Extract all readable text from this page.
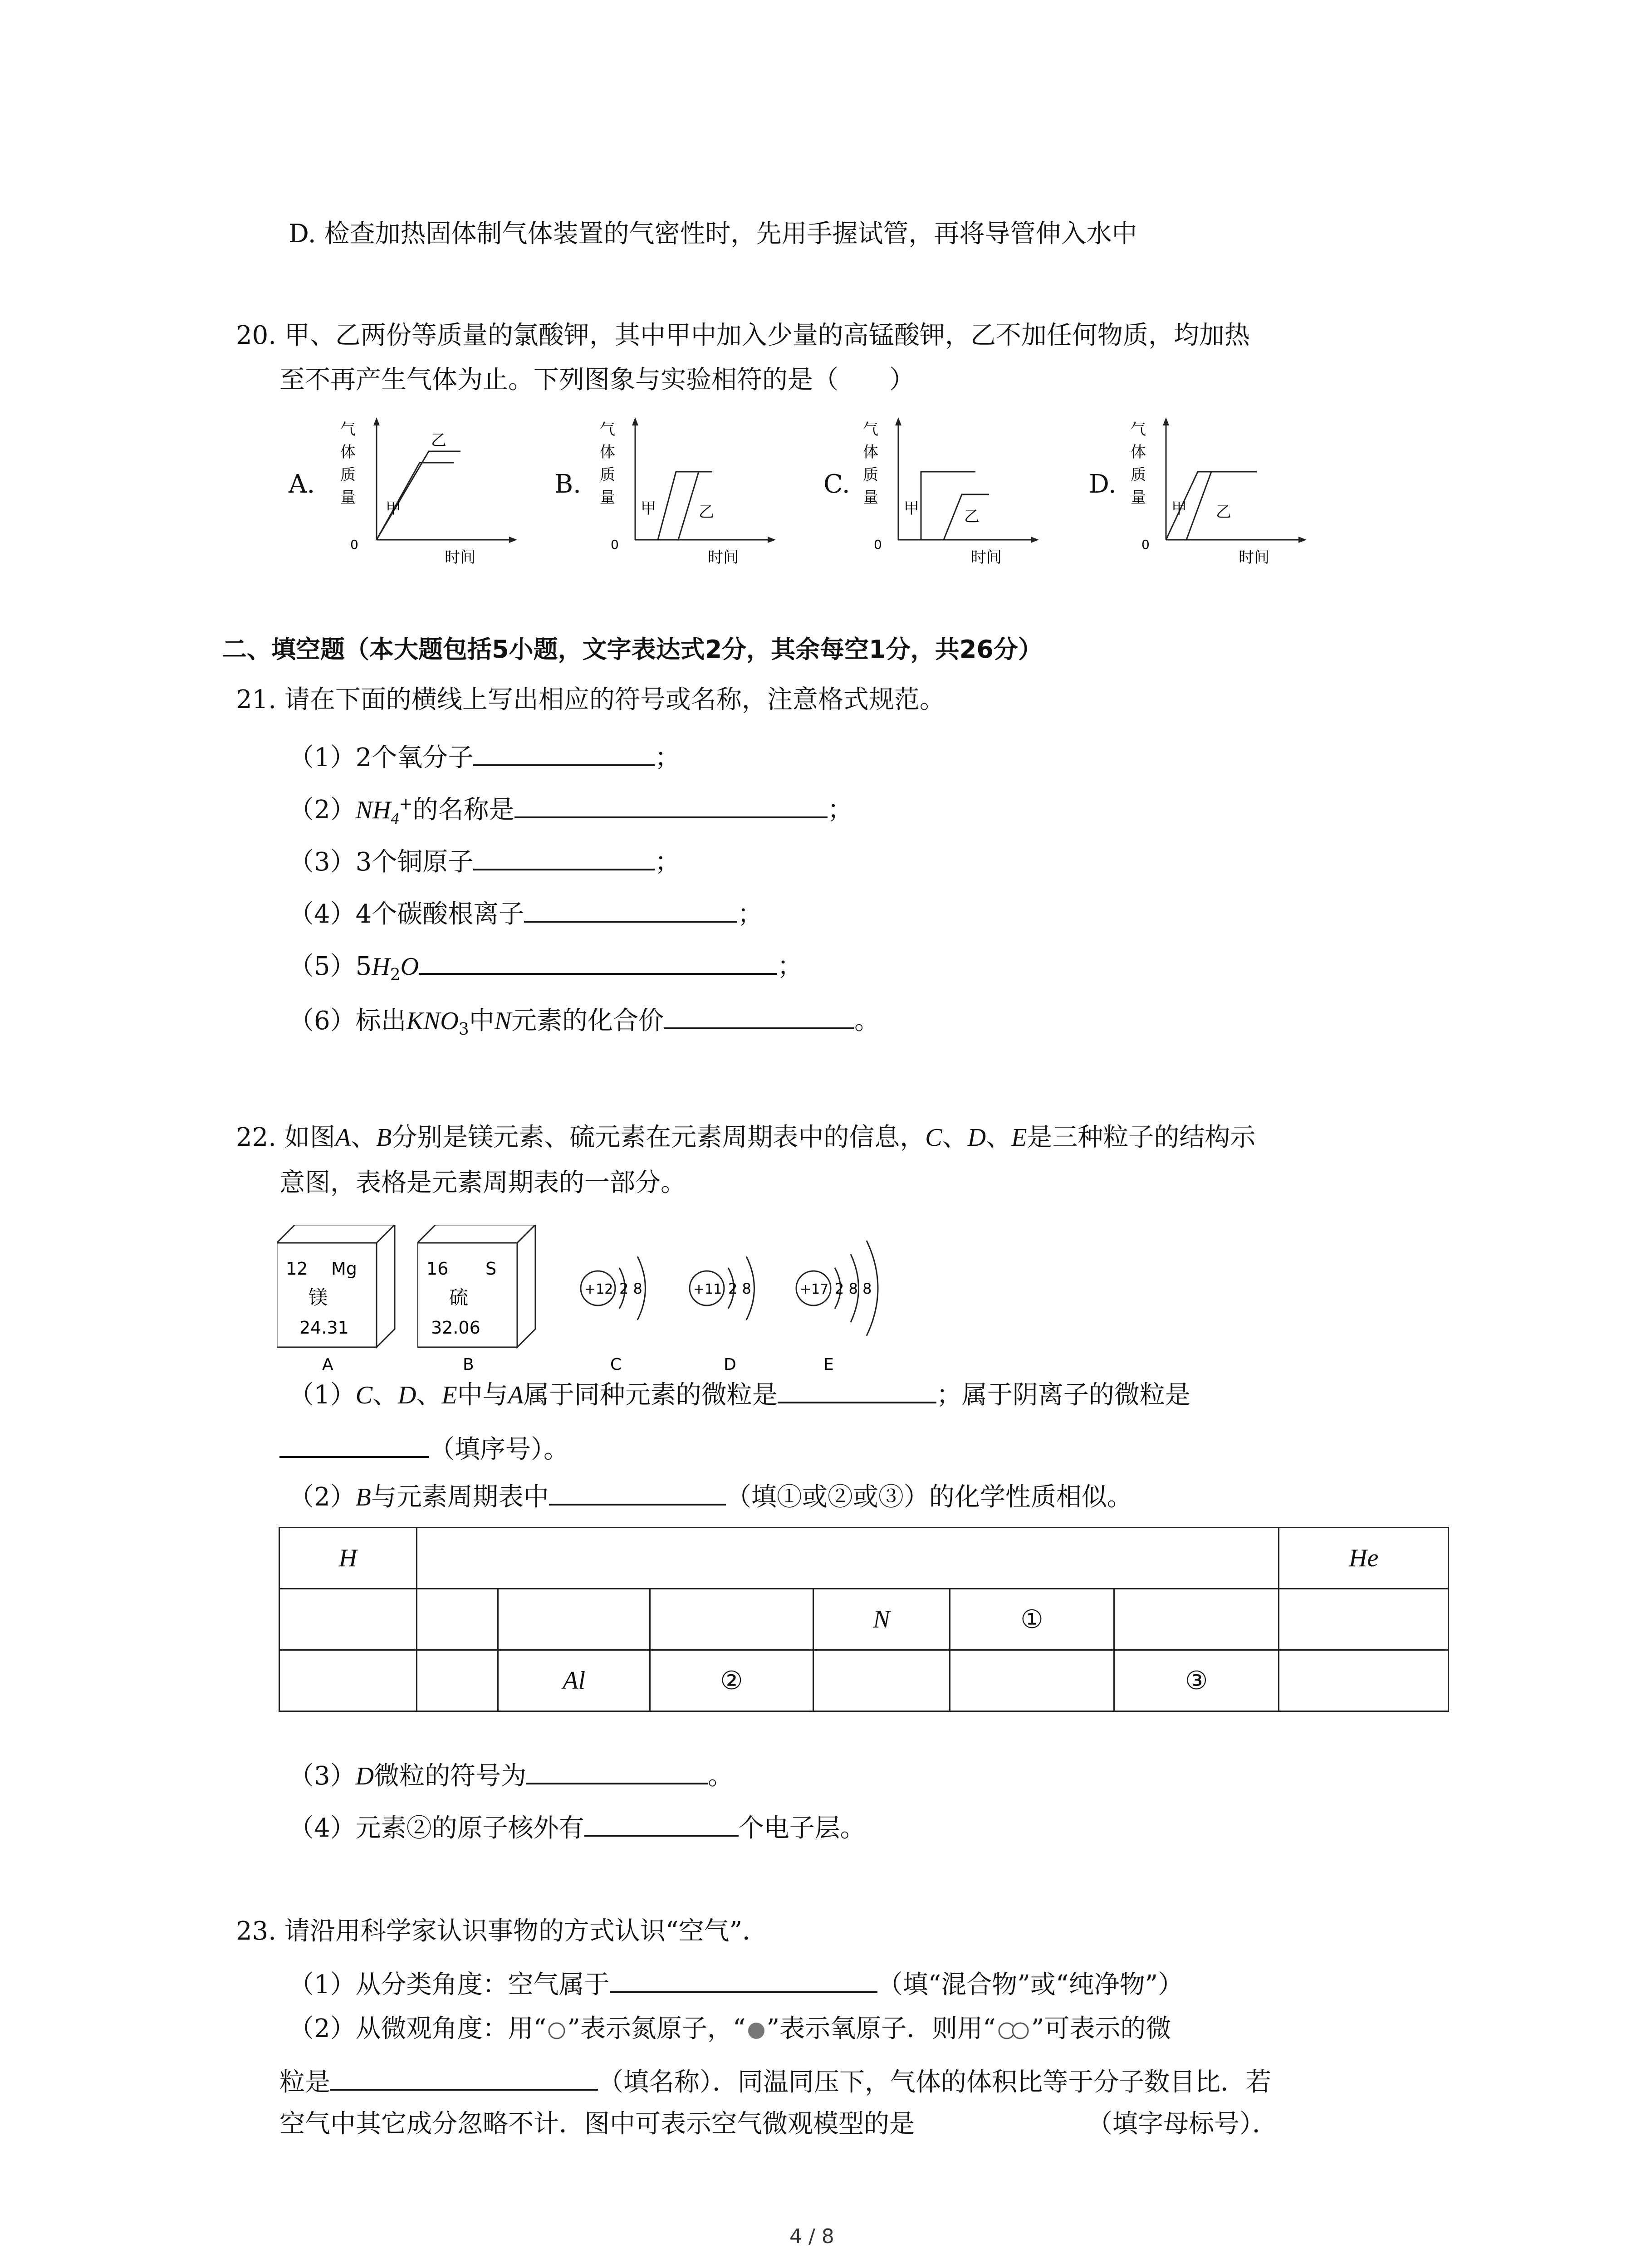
D. 检查加热固体制气体装置的气密性时，先用手握试管，再将导管伸入水中
20. 甲、乙两份等质量的氯酸钾，其中甲中加入少量的高锰酸钾，乙不加任何物质，均加热
至不再产生气体为止。下列图象与实验相符的是（　　）
A.	B.	C.	D.
气
体
质
量
0
时间
甲
乙
气
体
质
量
0
时间
甲	乙
气
体
质
量
0
时间
甲	乙
气
体
质
量
0
时间
甲 乙
二、填空题（本大题包括5小题，文字表达式2分，其余每空1分，共26分）
21. 请在下面的横线上写出相应的符号或名称，注意格式规范。
（1）2个氧分子	；
$(2)NH_4^+$的名称是	；
（3）3个铜原子	；
（4）4个碳酸根离子	；
$(5)5H_2O$	；
（6）标出$KNO_3$中N元素的化合价	。
22. 如图A、B分别是镁元素、硫元素在元素周期表中的信息，C、D、E是三种粒子的结构示
意图，表格是元素周期表的一部分。
12 Mg
镁
24.31
A
16 S
硫
32.06
B
+12 2 8
C
+11 2 8
D
+17 2 8 8
E
（1）C、D、E中与A属于同种元素的微粒是	；属于阴离子的微粒是
（填序号）。
（2）B与元素周期表中	（填①或②或③）的化学性质相似。
H							He
				N	①		
		Al	②			③	
（3）D微粒的符号为	。
（4）元素②的原子核外有	个电子层。
23. 请沿用科学家认识事物的方式认识“空气”．
（1）从分类角度：空气属于	（填“混合物”或“纯净物”）
（2）从微观角度：用“ ”表示氮原子，“ ”表示氧原子．则用“ ”可表示的微
粒是	（填名称）．同温同压下，气体的体积比等于分子数目比．若
空气中其它成分忽略不计．图中可表示空气微观模型的是	（填字母标号）．
4 / 8
